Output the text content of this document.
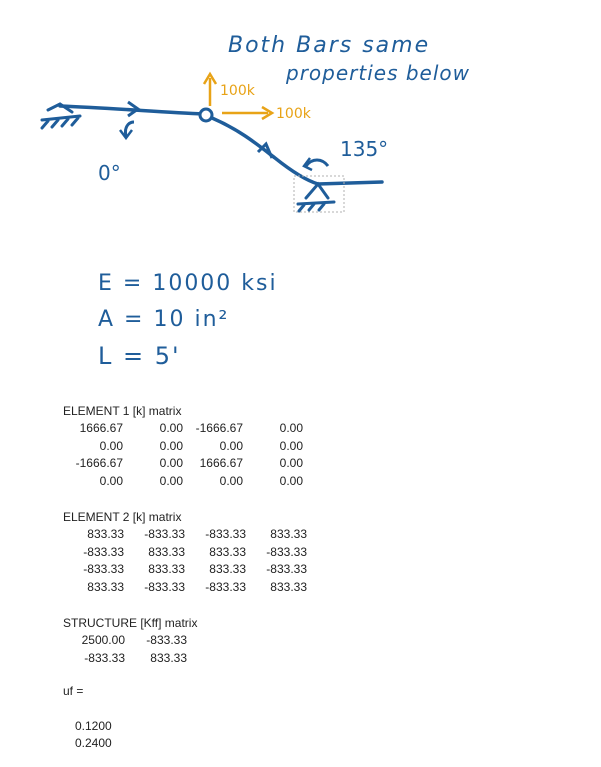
Both Bars same
properties below
0°
135°
100k
100k
E = 10000 ksi
A = 10 in²
L = 5'
ELEMENT 1 [k] matrix
1666.67	0.00 -1666.67	0.00
0.00	0.00	0.00	0.00
-1666.67	0.00 1666.67	0.00
0.00	0.00	0.00	0.00
ELEMENT 2 [k] matrix
833.33 -833.33 -833.33 833.33
-833.33 833.33 833.33 -833.33
-833.33 833.33 833.33 -833.33
833.33 -833.33 -833.33 833.33
STRUCTURE [Kff] matrix
2500.00 -833.33
-833.33 833.33
uf =
0.1200
0.2400
